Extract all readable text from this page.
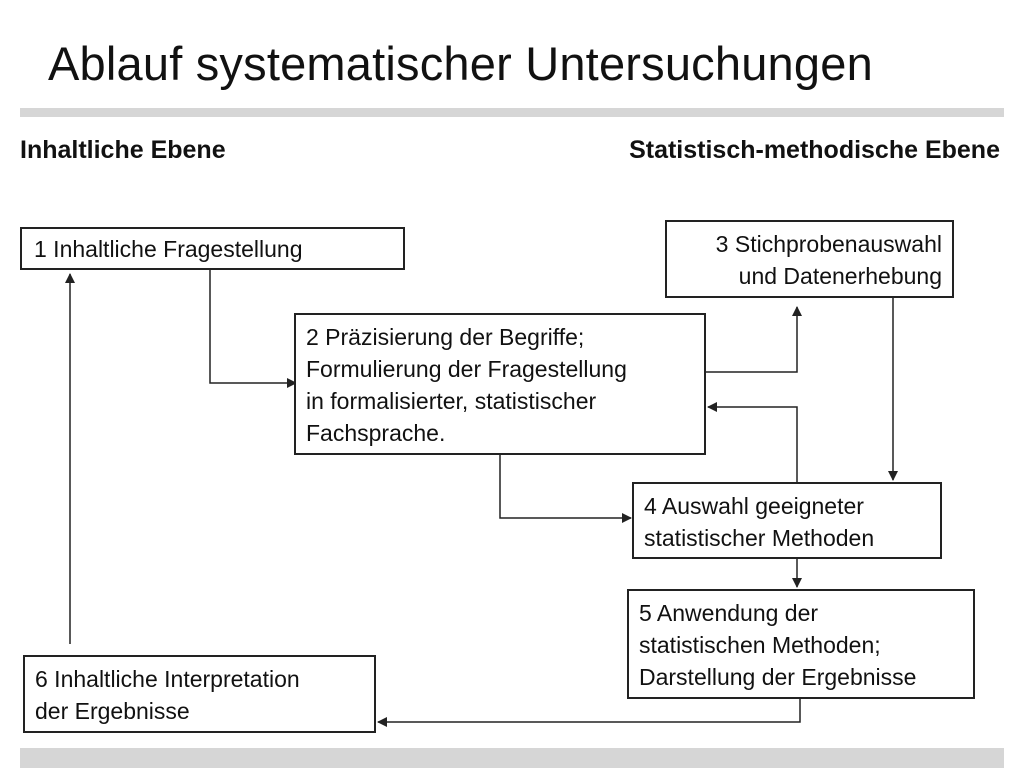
Ablauf systematischer Untersuchungen
Inhaltliche Ebene	Statistisch-methodische Ebene
1 Inhaltliche Fragestellung
2 Präzisierung der Begriffe;
Formulierung der Fragestellung
in formalisierter, statistischer
Fachsprache.
3 Stichprobenauswahl
und Datenerhebung
4 Auswahl geeigneter
statistischer Methoden
5 Anwendung der
statistischen Methoden;
Darstellung der Ergebnisse
6 Inhaltliche Interpretation
der Ergebnisse
